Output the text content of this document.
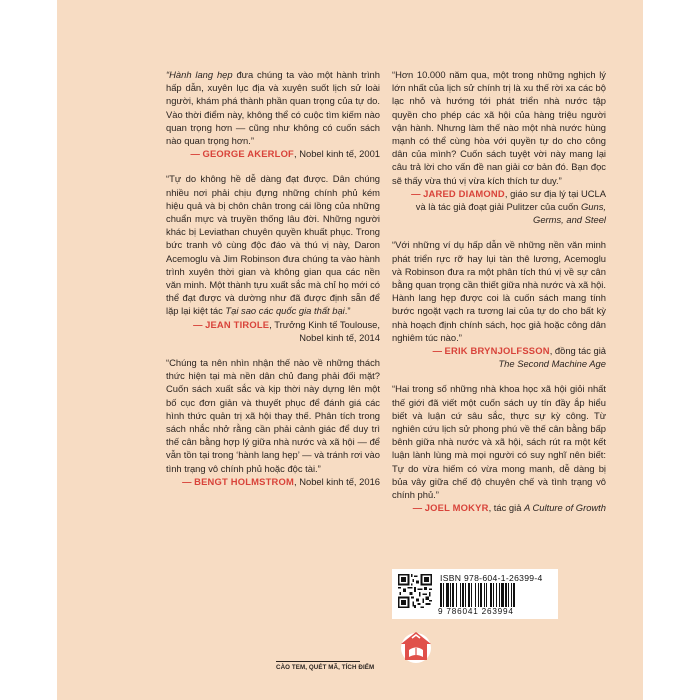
“Hành lang hẹp đưa chúng ta vào một hành trình hấp dẫn, xuyên lục địa và xuyên suốt lịch sử loài người, khám phá thành phần quan trọng của tự do. Vào thời điểm này, không thể có cuộc tìm kiếm nào quan trọng hơn — cũng như không có cuốn sách nào quan trọng hơn.”
— GEORGE AKERLOF, Nobel kinh tế, 2001
“Tự do không hề dễ dàng đạt được. Dân chúng nhiều nơi phải chịu đựng những chính phủ kém hiệu quả và bị chôn chân trong cái lồng của những chuẩn mực và truyền thống lâu đời. Những người khác bị Leviathan chuyên quyền khuất phục. Trong bức tranh vô cùng độc đáo và thú vị này, Daron Acemoglu và Jim Robinson đưa chúng ta vào hành trình xuyên thời gian và không gian qua các nền văn minh. Một thành tựu xuất sắc mà chỉ họ mới có thể đạt được và dường như đã được định sẵn để lặp lại kiệt tác Tại sao các quốc gia thất bại.”
— JEAN TIROLE, Trưởng Kinh tế Toulouse,
Nobel kinh tế, 2014
“Chúng ta nên nhìn nhận thế nào về những thách thức hiện tại mà nền dân chủ đang phải đối mặt? Cuốn sách xuất sắc và kịp thời này dựng lên một bố cục đơn giản và thuyết phục để đánh giá các hình thức quản trị xã hội thay thế. Phân tích trong sách nhắc nhở rằng cần phải cảnh giác để duy trì thế cân bằng hợp lý giữa nhà nước và xã hội — để vẫn tồn tại trong ‘hành lang hẹp’ — và tránh rơi vào tình trạng vô chính phủ hoặc độc tài.”
— BENGT HOLMSTROM, Nobel kinh tế, 2016
“Hơn 10.000 năm qua, một trong những nghịch lý lớn nhất của lịch sử chính trị là xu thế rời xa các bộ lạc nhỏ và hướng tới phát triển nhà nước tập quyền cho phép các xã hội của hàng triệu người vận hành. Nhưng làm thế nào một nhà nước hùng mạnh có thể cùng hòa với quyền tự do cho công dân của mình? Cuốn sách tuyệt vời này mang lại câu trả lời cho vấn đề nan giải cơ bản đó. Bạn đọc sẽ thấy vừa thú vị vừa kích thích tư duy.”
— JARED DIAMOND, giáo sư địa lý tại UCLA
và là tác giả đoạt giải Pulitzer của cuốn Guns,
Germs, and Steel
“Với những ví dụ hấp dẫn về những nền văn minh phát triển rực rỡ hay lụi tàn thê lương, Acemoglu và Robinson đưa ra một phân tích thú vị về sự cân bằng quan trọng cần thiết giữa nhà nước và xã hội. Hành lang hẹp được coi là cuốn sách mang tính bước ngoặt vạch ra tương lai của tự do cho bất kỳ nhà hoạch định chính sách, học giả hoặc công dân nghiêm túc nào.”
— ERIK BRYNJOLFSSON, đồng tác giả
The Second Machine Age
“Hai trong số những nhà khoa học xã hội giỏi nhất thế giới đã viết một cuốn sách uy tín đầy ắp hiểu biết và luận cứ sâu sắc, thực sự kỳ công. Từ nghiên cứu lịch sử phong phú về thế cân bằng bấp bênh giữa nhà nước và xã hội, sách rút ra một kết luận lành lùng mà mọi người có suy nghĩ nên biết: Tự do vừa hiếm có vừa mong manh, dễ dàng bị bủa vây giữa chế độ chuyên chế và tình trạng vô chính phủ.”
— JOEL MOKYR, tác giả A Culture of Growth
ISBN 978-604-1-26399-4
9 786041 263994
CÀO TEM, QUÉT MÃ, TÍCH ĐIỂM
